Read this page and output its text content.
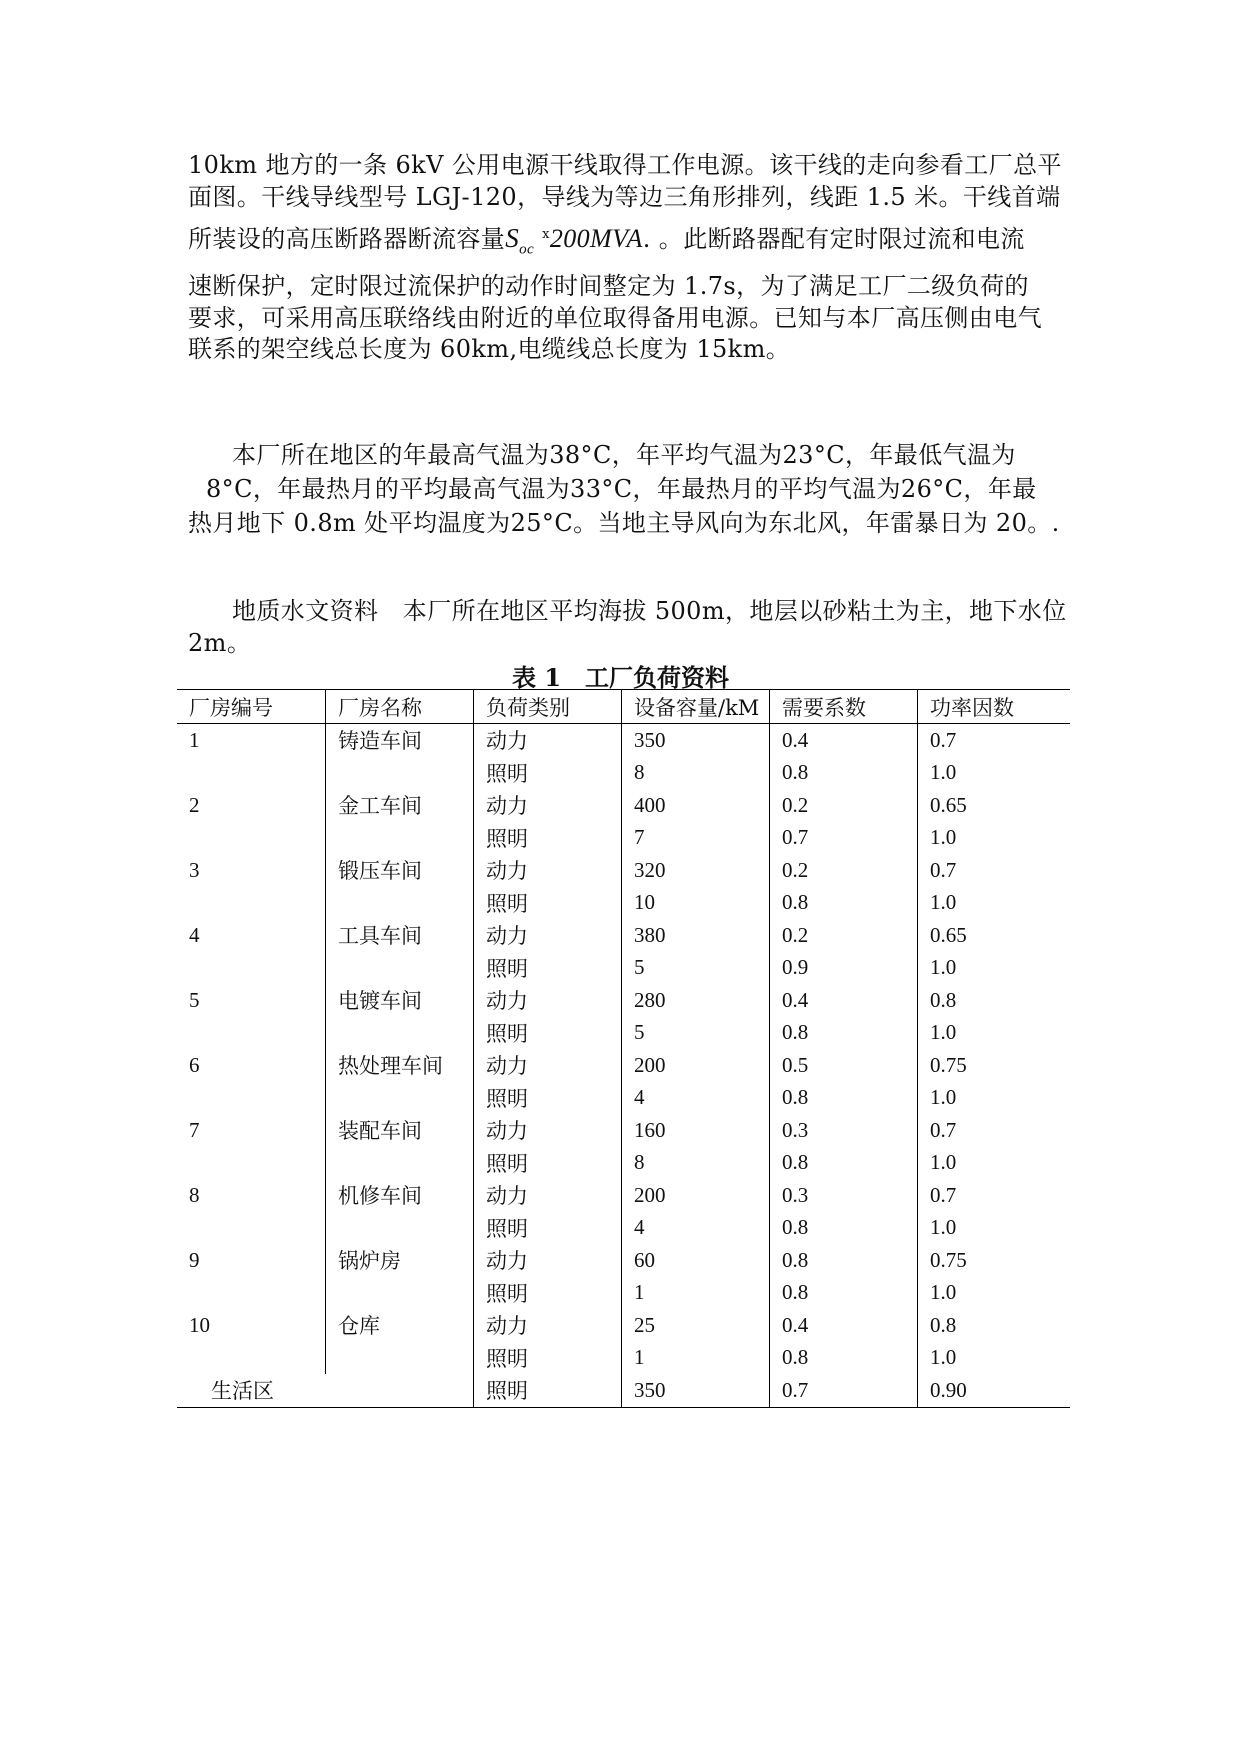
10km 地方的一条 6kV 公用电源干线取得工作电源。该干线的走向参看工厂总平
面图。干线导线型号 LGJ-120，导线为等边三角形排列，线距 1.5 米。干线首端
所装设的高压断路器断流容量$S_{oc}$ $^ⅹ$200MVA. 。此断路器配有定时限过流和电流
速断保护，定时限过流保护的动作时间整定为 1.7s，为了满足工厂二级负荷的
要求，可采用高压联络线由附近的单位取得备用电源。已知与本厂高压侧由电气
联系的架空线总长度为 60km,电缆线总长度为 15km。
本厂所在地区的年最高气温为38°C，年平均气温为23°C，年最低气温为
8°C，年最热月的平均最高气温为33°C，年最热月的平均气温为26°C，年最
热月地下 0.8m 处平均温度为25°C。当地主导风向为东北风，年雷暴日为 20。.
地质水文资料　本厂所在地区平均海拔 500m，地层以砂粘土为主，地下水位
2m。
表 1　工厂负荷资料
厂房编号	厂房名称	负荷类别	设备容量/kM	需要系数	功率因数
1	铸造车间	动力	350	0.4	0.7
		照明	8	0.8	1.0
2	金工车间	动力	400	0.2	0.65
		照明	7	0.7	1.0
3	锻压车间	动力	320	0.2	0.7
		照明	10	0.8	1.0
4	工具车间	动力	380	0.2	0.65
		照明	5	0.9	1.0
5	电镀车间	动力	280	0.4	0.8
		照明	5	0.8	1.0
6	热处理车间	动力	200	0.5	0.75
		照明	4	0.8	1.0
7	装配车间	动力	160	0.3	0.7
		照明	8	0.8	1.0
8	机修车间	动力	200	0.3	0.7
		照明	4	0.8	1.0
9	锅炉房	动力	60	0.8	0.75
		照明	1	0.8	1.0
10	仓库	动力	25	0.4	0.8
		照明	1	0.8	1.0
生活区		照明	350	0.7	0.90
